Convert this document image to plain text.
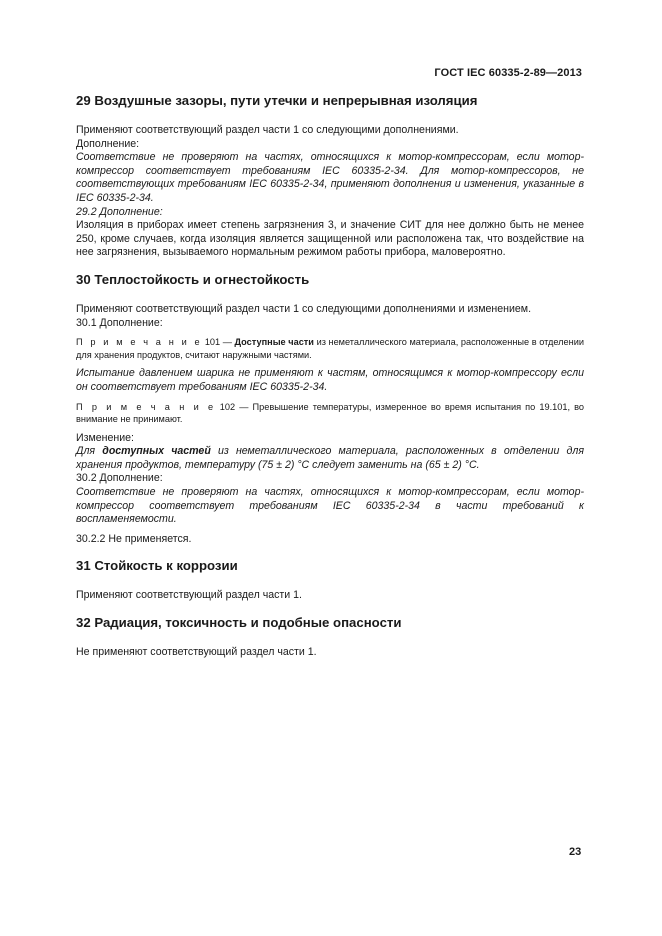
ГОСТ IEC 60335-2-89—2013
29 Воздушные зазоры, пути утечки и непрерывная изоляция

Применяют соответствующий раздел части 1 со следующими дополнениями.

Дополнение:

Соответствие не проверяют на частях, относящихся к мотор-компрессорам, если мотор-компрессор соответствует требованиям IEC 60335-2-34. Для мотор-компрессоров, не соответствующих требованиям IEC 60335-2-34, применяют дополнения и изменения, указанные в IEC 60335-2-34.

29.2 Дополнение:

Изоляция в приборах имеет степень загрязнения 3, и значение СИТ для нее должно быть не менее 250, кроме случаев, когда изоляция является защищенной или расположена так, что воздействие на нее загрязнения, вызываемого нормальным режимом работы прибора, маловероятно.

30 Теплостойкость и огнестойкость

Применяют соответствующий раздел части 1 со следующими дополнениями и изменением.

30.1 Дополнение:

П р и м е ч а н и е 101 — Доступные части из неметаллического материала, расположенные в отделении для хранения продуктов, считают наружными частями.

Испытание давлением шарика не применяют к частям, относящимся к мотор-компрессору если он соответствует требованиям IEC 60335-2-34.

П р и м е ч а н и е 102 — Превышение температуры, измеренное во время испытания по 19.101, во внимание не принимают.

Изменение:

Для доступных частей из неметаллического материала, расположенных в отделении для хранения продуктов, температуру (75 ± 2) °С следует заменить на (65 ± 2) °С.

30.2 Дополнение:

Соответствие не проверяют на частях, относящихся к мотор-компрессорам, если мотор-компрессор соответствует требованиям IEC 60335-2-34 в части требований к воспламеняемости.

30.2.2 Не применяется.

31 Стойкость к коррозии

Применяют соответствующий раздел части 1.

32 Радиация, токсичность и подобные опасности

Не применяют соответствующий раздел части 1.

23
